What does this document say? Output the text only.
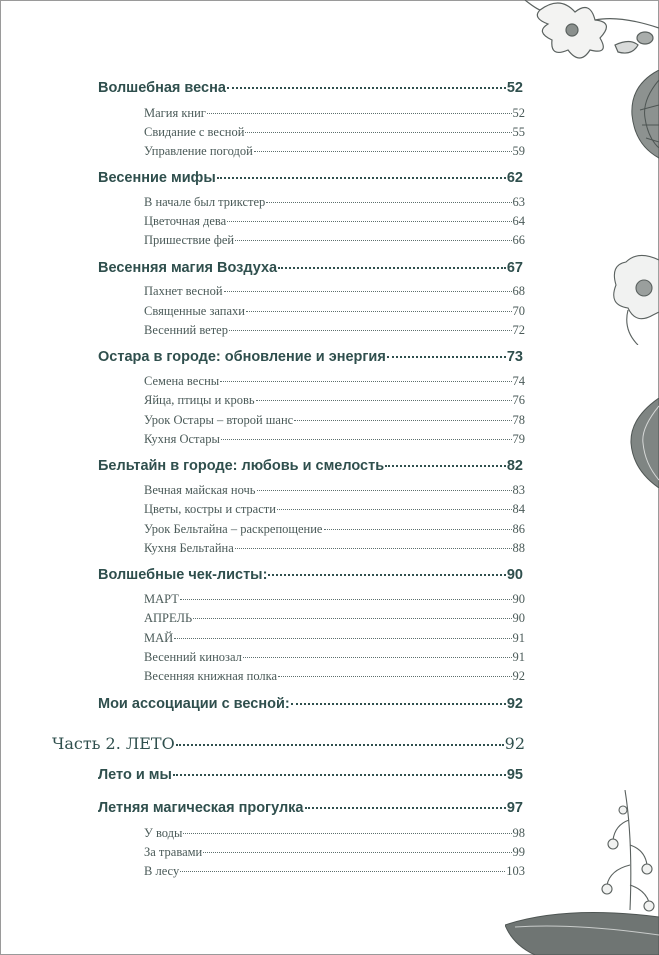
Волшебная весна	52
Магия книг	52
Свидание с весной	55
Управление погодой	59
Весенние мифы	62
В начале был трикстер	63
Цветочная дева	64
Пришествие фей	66
Весенняя магия Воздуха	67
Пахнет весной	68
Священные запахи	70
Весенний ветер	72
Остара в городе: обновление и энергия	73
Семена весны	74
Яйца, птицы и кровь	76
Урок Остары – второй шанс	78
Кухня Остары	79
Бельтайн в городе: любовь и смелость	82
Вечная майская ночь	83
Цветы, костры и страсти	84
Урок Бельтайна – раскрепощение	86
Кухня Бельтайна	88
Волшебные чек-листы:	90
МАРТ	90
АПРЕЛЬ	90
МАЙ	91
Весенний кинозал	91
Весенняя книжная полка	92
Мои ассоциации с весной:	92
Часть 2. ЛЕТО	92
Лето и мы	95
Летняя магическая прогулка	97
У воды	98
За травами	99
В лесу	103
